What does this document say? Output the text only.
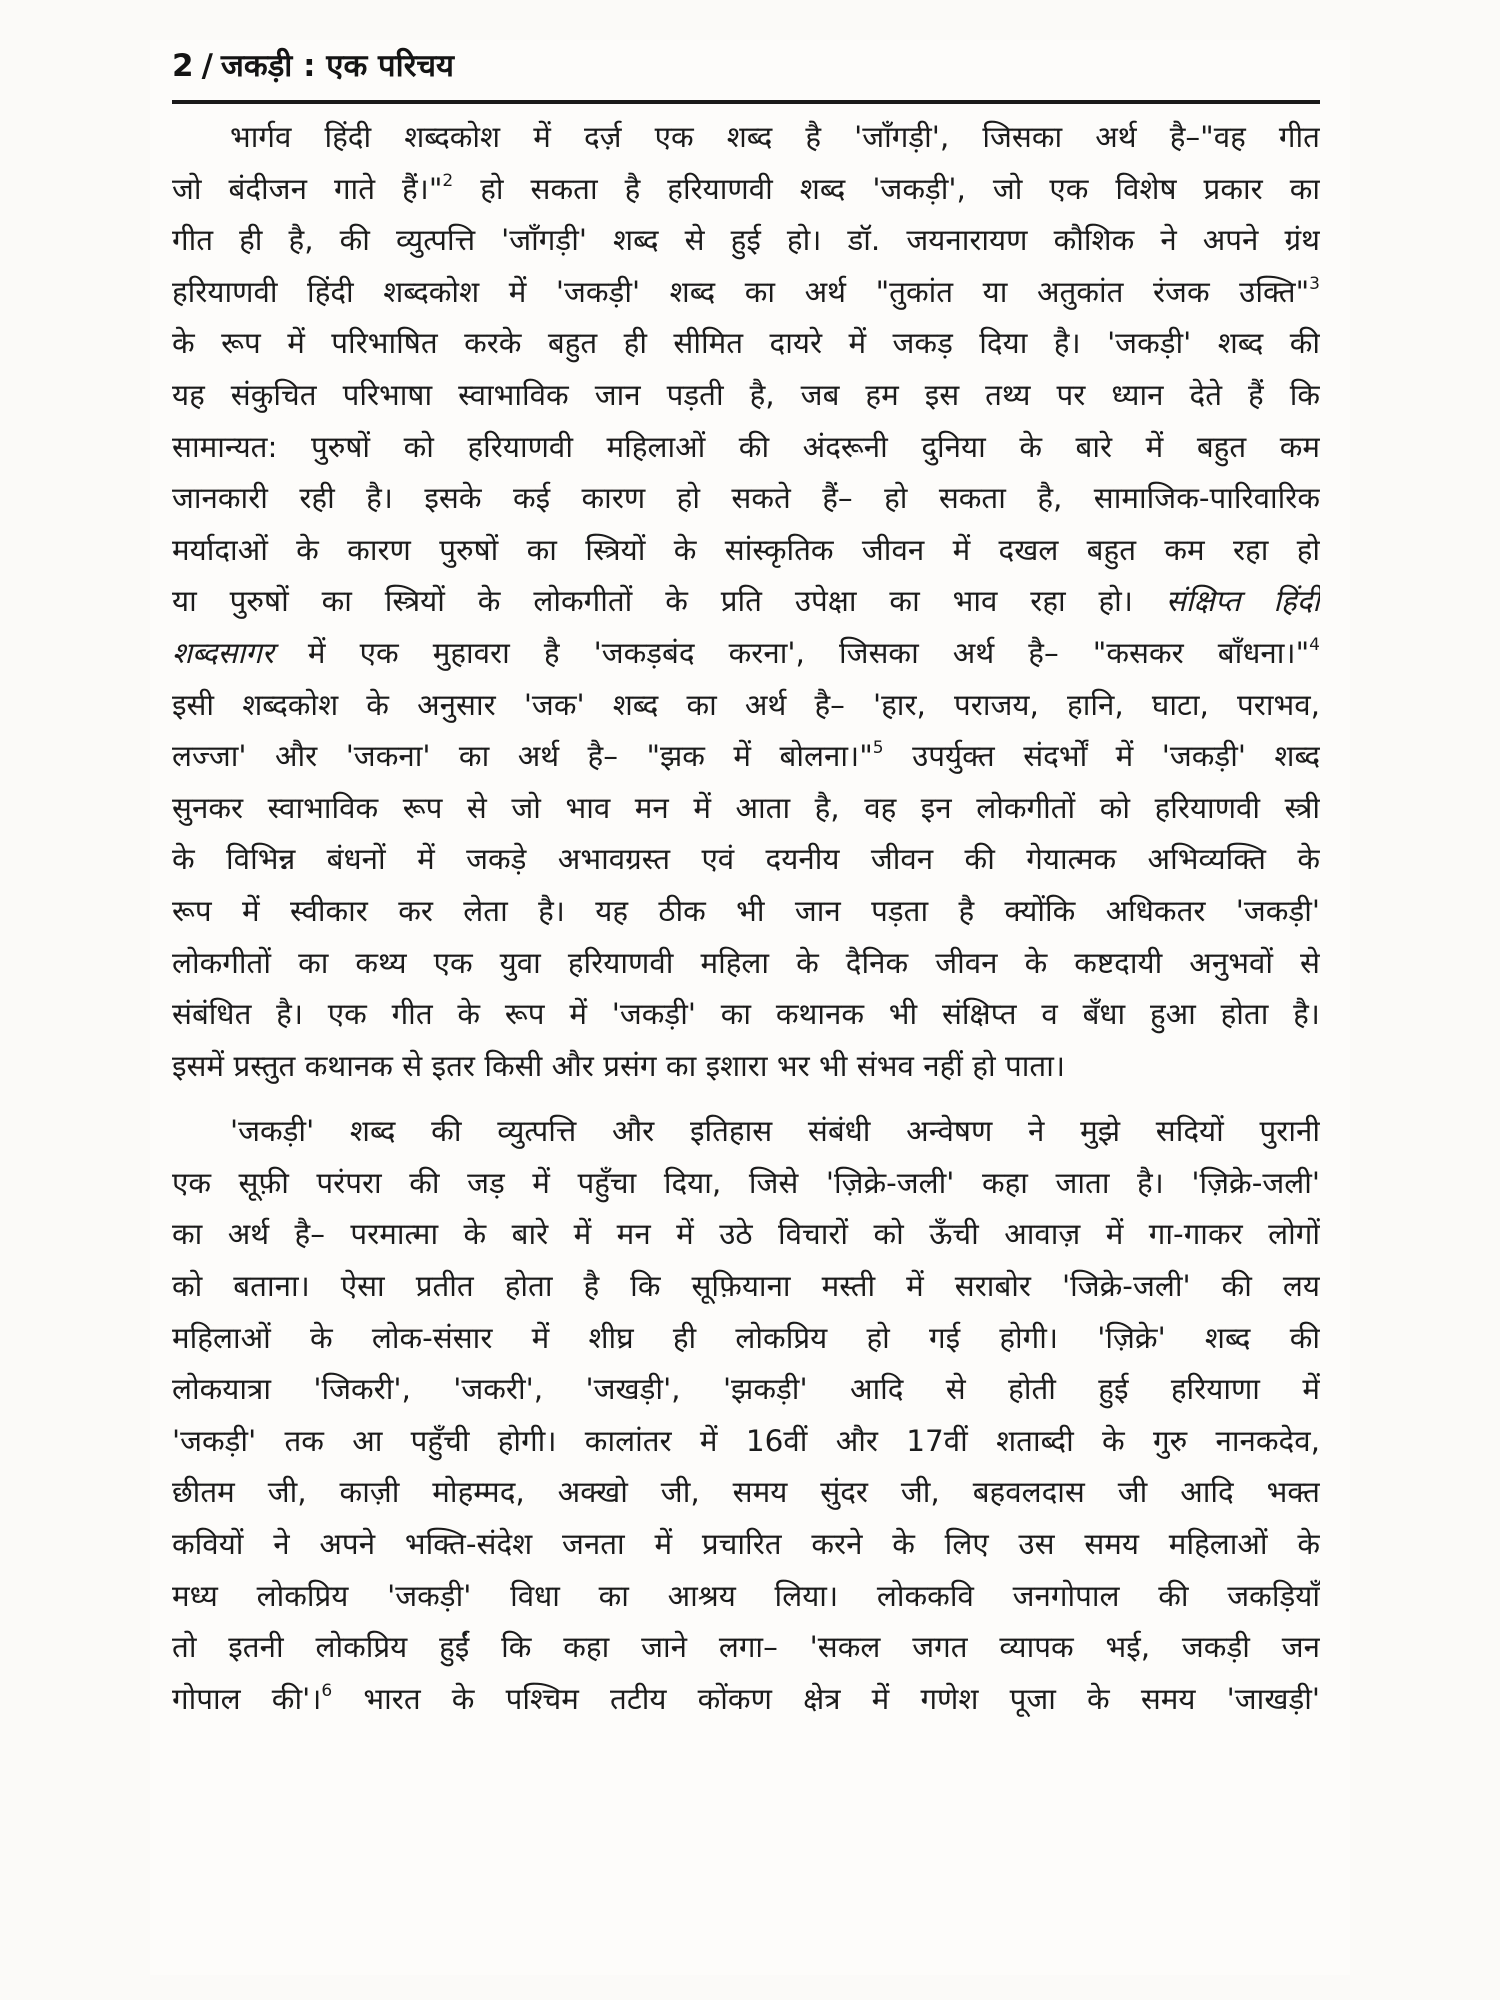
2 / जकड़ी : एक परिचय
भार्गव हिंदी शब्दकोश में दर्ज़ एक शब्द है 'जाँगड़ी', जिसका अर्थ है–"वह गीत
जो बंदीजन गाते हैं।"$^2$ हो सकता है हरियाणवी शब्द 'जकड़ी', जो एक विशेष प्रकार का
गीत ही है, की व्युत्पत्ति 'जाँगड़ी' शब्द से हुई हो। डॉ. जयनारायण कौशिक ने अपने ग्रंथ
हरियाणवी हिंदी शब्दकोश में 'जकड़ी' शब्द का अर्थ "तुकांत या अतुकांत रंजक उक्ति"$^3$
के रूप में परिभाषित करके बहुत ही सीमित दायरे में जकड़ दिया है। 'जकड़ी' शब्द की
यह संकुचित परिभाषा स्वाभाविक जान पड़ती है, जब हम इस तथ्य पर ध्यान देते हैं कि
सामान्यत: पुरुषों को हरियाणवी महिलाओं की अंदरूनी दुनिया के बारे में बहुत कम
जानकारी रही है। इसके कई कारण हो सकते हैं– हो सकता है, सामाजिक-पारिवारिक
मर्यादाओं के कारण पुरुषों का स्त्रियों के सांस्कृतिक जीवन में दखल बहुत कम रहा हो
या पुरुषों का स्त्रियों के लोकगीतों के प्रति उपेक्षा का भाव रहा हो। संक्षिप्त हिंदी
शब्दसागर में एक मुहावरा है 'जकड़बंद करना', जिसका अर्थ है– "कसकर बाँधना।"$^4$
इसी शब्दकोश के अनुसार 'जक' शब्द का अर्थ है– 'हार, पराजय, हानि, घाटा, पराभव,
लज्जा' और 'जकना' का अर्थ है– "झक में बोलना।"$^5$ उपर्युक्त संदर्भों में 'जकड़ी' शब्द
सुनकर स्वाभाविक रूप से जो भाव मन में आता है, वह इन लोकगीतों को हरियाणवी स्त्री
के विभिन्न बंधनों में जकड़े अभावग्रस्त एवं दयनीय जीवन की गेयात्मक अभिव्यक्ति के
रूप में स्वीकार कर लेता है। यह ठीक भी जान पड़ता है क्योंकि अधिकतर 'जकड़ी'
लोकगीतों का कथ्य एक युवा हरियाणवी महिला के दैनिक जीवन के कष्टदायी अनुभवों से
संबंधित है। एक गीत के रूप में 'जकड़ी' का कथानक भी संक्षिप्त व बँधा हुआ होता है।
इसमें प्रस्तुत कथानक से इतर किसी और प्रसंग का इशारा भर भी संभव नहीं हो पाता।
'जकड़ी' शब्द की व्युत्पत्ति और इतिहास संबंधी अन्वेषण ने मुझे सदियों पुरानी
एक सूफ़ी परंपरा की जड़ में पहुँचा दिया, जिसे 'ज़िक्रे-जली' कहा जाता है। 'ज़िक्रे-जली'
का अर्थ है– परमात्मा के बारे में मन में उठे विचारों को ऊँची आवाज़ में गा-गाकर लोगों
को बताना। ऐसा प्रतीत होता है कि सूफ़ियाना मस्ती में सराबोर 'जिक्रे-जली' की लय
महिलाओं के लोक-संसार में शीघ्र ही लोकप्रिय हो गई होगी। 'ज़िक्रे' शब्द की
लोकयात्रा 'जिकरी', 'जकरी', 'जखड़ी', 'झकड़ी' आदि से होती हुई हरियाणा में
'जकड़ी' तक आ पहुँची होगी। कालांतर में 16वीं और 17वीं शताब्दी के गुरु नानकदेव,
छीतम जी, काज़ी मोहम्मद, अक्खो जी, समय सुंदर जी, बहवलदास जी आदि भक्त
कवियों ने अपने भक्ति-संदेश जनता में प्रचारित करने के लिए उस समय महिलाओं के
मध्य लोकप्रिय 'जकड़ी' विधा का आश्रय लिया। लोककवि जनगोपाल की जकड़ियाँ
तो इतनी लोकप्रिय हुईं कि कहा जाने लगा– 'सकल जगत व्यापक भई, जकड़ी जन
गोपाल की'।$^6$ भारत के पश्चिम तटीय कोंकण क्षेत्र में गणेश पूजा के समय 'जाखड़ी'
